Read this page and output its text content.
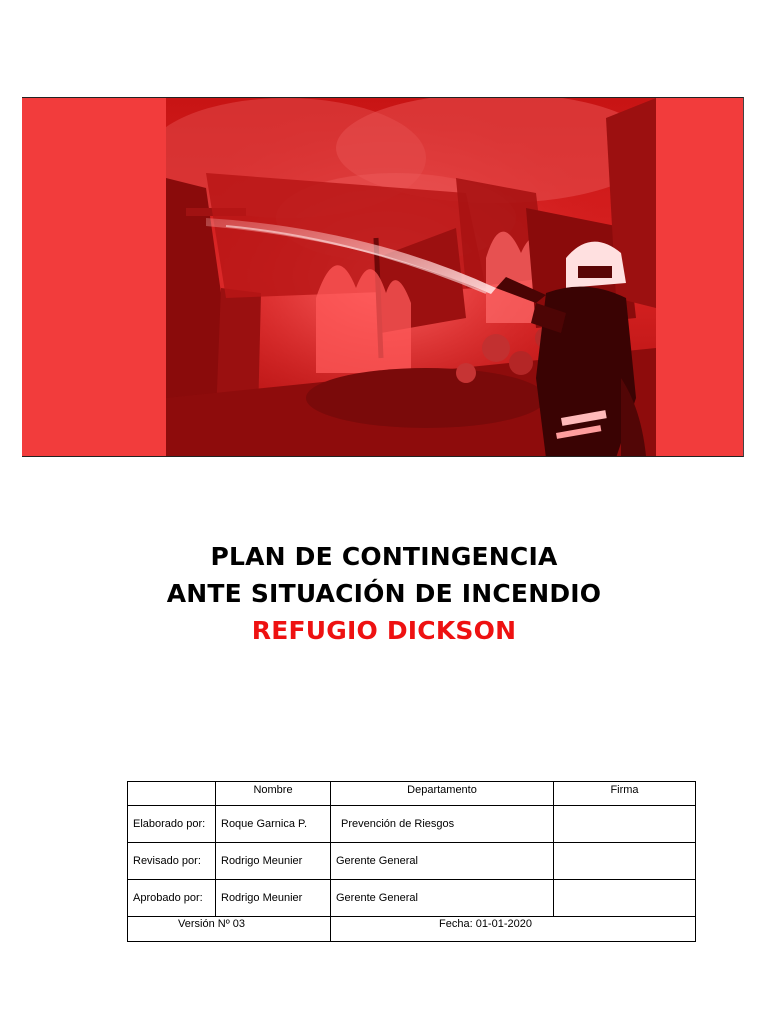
PLAN DE CONTINGENCIA
ANTE SITUACIÓN DE INCENDIO
REFUGIO DICKSON
	Nombre	Departamento	Firma
Elaborado por:	Roque Garnica P.	Prevención de Riesgos	
Revisado por:	Rodrigo Meunier	Gerente General	
Aprobado por:	Rodrigo Meunier	Gerente General	
Versión Nº 03		Fecha: 01-01-2020	
